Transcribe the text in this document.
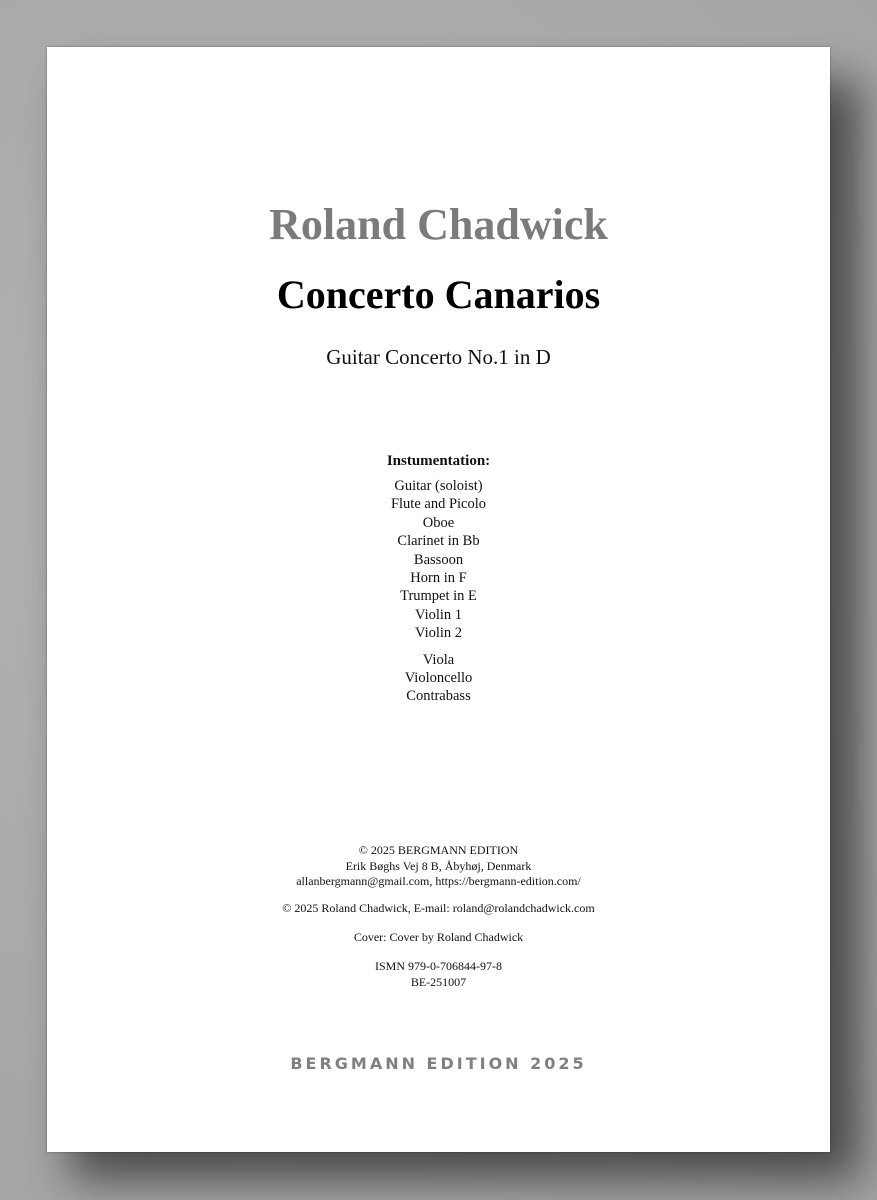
Roland Chadwick
Concerto Canarios
Guitar Concerto No.1 in D
Instumentation:
Guitar (soloist)
Flute and Picolo
Oboe
Clarinet in Bb
Bassoon
Horn in F
Trumpet in E
Violin 1
Violin 2
Viola
Violoncello
Contrabass
© 2025 BERGMANN EDITION
Erik Bøghs Vej 8 B, Åbyhøj, Denmark
allanbergmann@gmail.com, https://bergmann-edition.com/
© 2025 Roland Chadwick, E-mail: roland@rolandchadwick.com
Cover: Cover by Roland Chadwick
ISMN 979-0-706844-97-8
BE-251007
BERGMANN EDITION 2025
